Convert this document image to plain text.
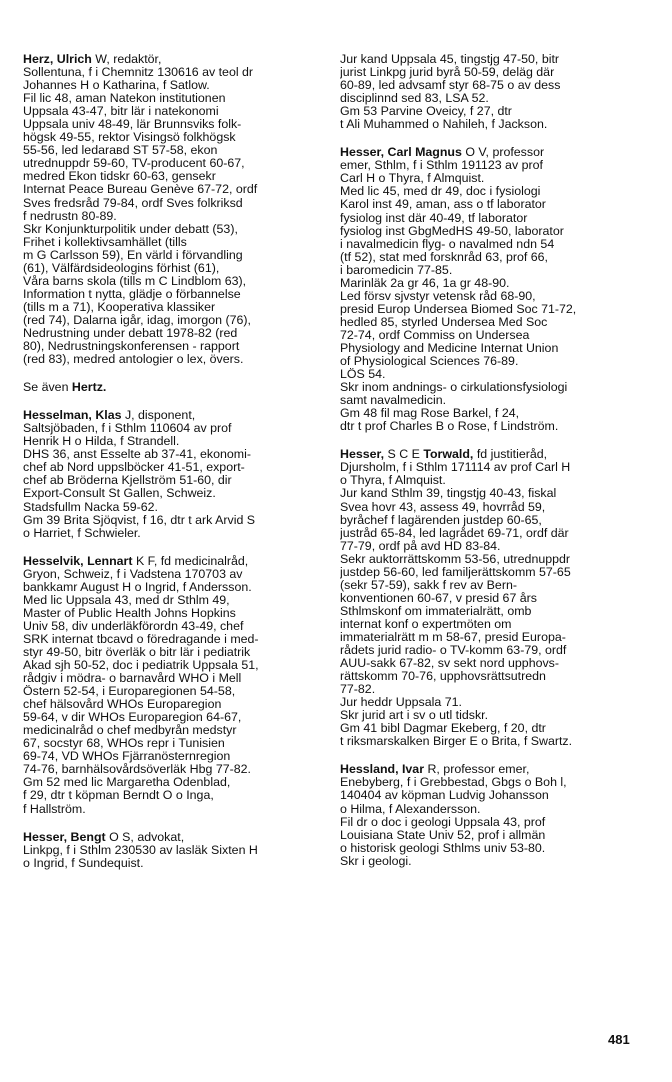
Herz, Ulrich W, redaktör,
Sollentuna, f i Chemnitz 130616 av teol dr
Johannes H o Katharina, f Satlow.
Fil lic 48, aman Natekon institutionen
Uppsala 43-47, bitr lär i natekonomi
Uppsala univ 48-49, lär Brunnsviks folk-
högsk 49-55, rektor Visingsö folkhögsk
55-56, led ledarавd ST 57-58, ekon
utrednuppdr 59-60, TV-producent 60-67,
medred Ekon tidskr 60-63, gensekr
Internat Peace Bureau Genève 67-72, ordf
Sves fredsråd 79-84, ordf Sves folkriksd
f nedrustn 80-89.
Skr Konjunkturpolitik under debatt (53),
Frihet i kollektivsamhället (tills
m G Carlsson 59), En värld i förvandling
(61), Välfärdsideologins förhist (61),
Våra barns skola (tills m C Lindblom 63),
Information t nytta, glädje o förbannelse
(tills m a 71), Kooperativa klassiker
(red 74), Dalarna igår, idag, imorgon (76),
Nedrustning under debatt 1978-82 (red
80), Nedrustningskonferensen - rapport
(red 83), medred antologier o lex, övers.
Se även Hertz.
Hesselman, Klas J, disponent,
Saltsjöbaden, f i Sthlm 110604 av prof
Henrik H o Hilda, f Strandell.
DHS 36, anst Esselte ab 37-41, ekonomi-
chef ab Nord uppslböcker 41-51, export-
chef ab Bröderna Kjellström 51-60, dir
Export-Consult St Gallen, Schweiz.
Stadsfullm Nacka 59-62.
Gm 39 Brita Sjöqvist, f 16, dtr t ark Arvid S
o Harriet, f Schwieler.
Hesselvik, Lennart K F, fd medicinalråd,
Gryon, Schweiz, f i Vadstena 170703 av
bankkamr August H o Ingrid, f Andersson.
Med lic Uppsala 43, med dr Sthlm 49,
Master of Public Health Johns Hopkins
Univ 58, div underläkförordn 43-49, chef
SRK internat tbcavd o föredragande i med-
styr 49-50, bitr överläk o bitr lär i pediatrik
Akad sjh 50-52, doc i pediatrik Uppsala 51,
rådgiv i mödra- o barnavård WHO i Mell
Östern 52-54, i Europaregionen 54-58,
chef hälsovård WHOs Europaregion
59-64, v dir WHOs Europaregion 64-67,
medicinalråd o chef medbyrån medstyr
67, socstyr 68, WHOs repr i Tunisien
69-74, VD WHOs Fjärranösternregion
74-76, barnhälsovårdsöverläk Hbg 77-82.
Gm 52 med lic Margaretha Odenblad,
f 29, dtr t köpman Berndt O o Inga,
f Hallström.
Hesser, Bengt O S, advokat,
Linkpg, f i Sthlm 230530 av lasläk Sixten H
o Ingrid, f Sundequist.
Jur kand Uppsala 45, tingstjg 47-50, bitr
jurist Linkpg jurid byrå 50-59, deläg där
60-89, led advsamf styr 68-75 o av dess
disciplinnd sed 83, LSA 52.
Gm 53 Parvine Oveicy, f 27, dtr
t Ali Muhammed o Nahileh, f Jackson.
Hesser, Carl Magnus O V, professor
emer, Sthlm, f i Sthlm 191123 av prof
Carl H o Thyra, f Almquist.
Med lic 45, med dr 49, doc i fysiologi
Karol inst 49, aman, ass o tf laborator
fysiolog inst där 40-49, tf laborator
fysiolog inst GbgMedHS 49-50, laborator
i navalmedicin flyg- o navalmed ndn 54
(tf 52), stat med forsknråd 63, prof 66,
i baromedicin 77-85.
Marinläk 2a gr 46, 1a gr 48-90.
Led försv sjvstyr vetensk råd 68-90,
presid Europ Undersea Biomed Soc 71-72,
hedled 85, styrled Undersea Med Soc
72-74, ordf Commiss on Undersea
Physiology and Medicine Internat Union
of Physiological Sciences 76-89.
LÖS 54.
Skr inom andnings- o cirkulationsfysiologi
samt navalmedicin.
Gm 48 fil mag Rose Barkel, f 24,
dtr t prof Charles B o Rose, f Lindström.
Hesser, S C E Torwald, fd justitieråd,
Djursholm, f i Sthlm 171114 av prof Carl H
o Thyra, f Almquist.
Jur kand Sthlm 39, tingstjg 40-43, fiskal
Svea hovr 43, assess 49, hovrråd 59,
byråchef f lagärenden justdep 60-65,
justråd 65-84, led lagrådet 69-71, ordf där
77-79, ordf på avd HD 83-84.
Sekr auktorrättskomm 53-56, utrednuppdr
justdep 56-60, led familjerättskomm 57-65
(sekr 57-59), sakk f rev av Bern-
konventionen 60-67, v presid 67 års
Sthlmskonf om immaterialrätt, omb
internat konf o expertmöten om
immaterialrätt m m 58-67, presid Europa-
rådets jurid radio- o TV-komm 63-79, ordf
AUU-sakk 67-82, sv sekt nord upphovs-
rättskomm 70-76, upphovsrättsutredn
77-82.
Jur heddr Uppsala 71.
Skr jurid art i sv o utl tidskr.
Gm 41 bibl Dagmar Ekeberg, f 20, dtr
t riksmarskalken Birger E o Brita, f Swartz.
Hessland, Ivar R, professor emer,
Enebyberg, f i Grebbestad, Gbgs o Boh l,
140404 av köpman Ludvig Johansson
o Hilma, f Alexandersson.
Fil dr o doc i geologi Uppsala 43, prof
Louisiana State Univ 52, prof i allmän
o historisk geologi Sthlms univ 53-80.
Skr i geologi.
481
